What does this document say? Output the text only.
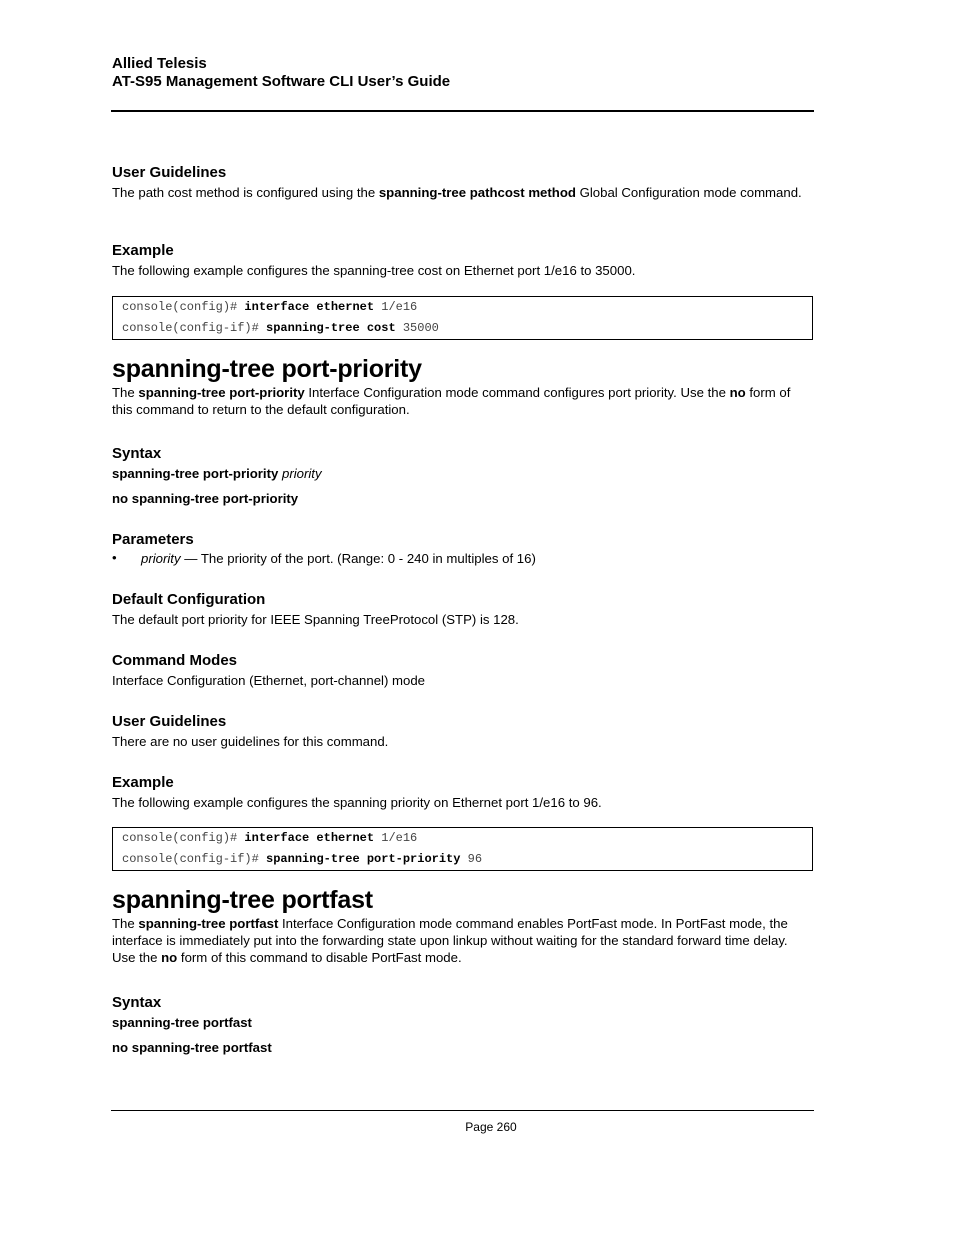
Allied Telesis
AT-S95 Management Software CLI User’s Guide
User Guidelines

The path cost method is configured using the spanning-tree pathcost method Global Configuration mode command.

Example

The following example configures the spanning-tree cost on Ethernet port 1/e16 to 35000.

console(config)# interface ethernet 1/e16
console(config-if)# spanning-tree cost 35000
spanning-tree port-priority

The spanning-tree port-priority Interface Configuration mode command configures port priority. Use the no form of this command to return to the default configuration.

Syntax
spanning-tree port-priority priority
no spanning-tree port-priority
Parameters
• priority — The priority of the port. (Range: 0 - 240 in multiples of 16)
Default Configuration

The default port priority for IEEE Spanning TreeProtocol (STP) is 128.

Command Modes

Interface Configuration (Ethernet, port-channel) mode

User Guidelines

There are no user guidelines for this command.

Example

The following example configures the spanning priority on Ethernet port 1/e16 to 96.

console(config)# interface ethernet 1/e16
console(config-if)# spanning-tree port-priority 96
spanning-tree portfast

The spanning-tree portfast Interface Configuration mode command enables PortFast mode. In PortFast mode, the interface is immediately put into the forwarding state upon linkup without waiting for the standard forward time delay. Use the no form of this command to disable PortFast mode.

Syntax
spanning-tree portfast
no spanning-tree portfast
Page 260
